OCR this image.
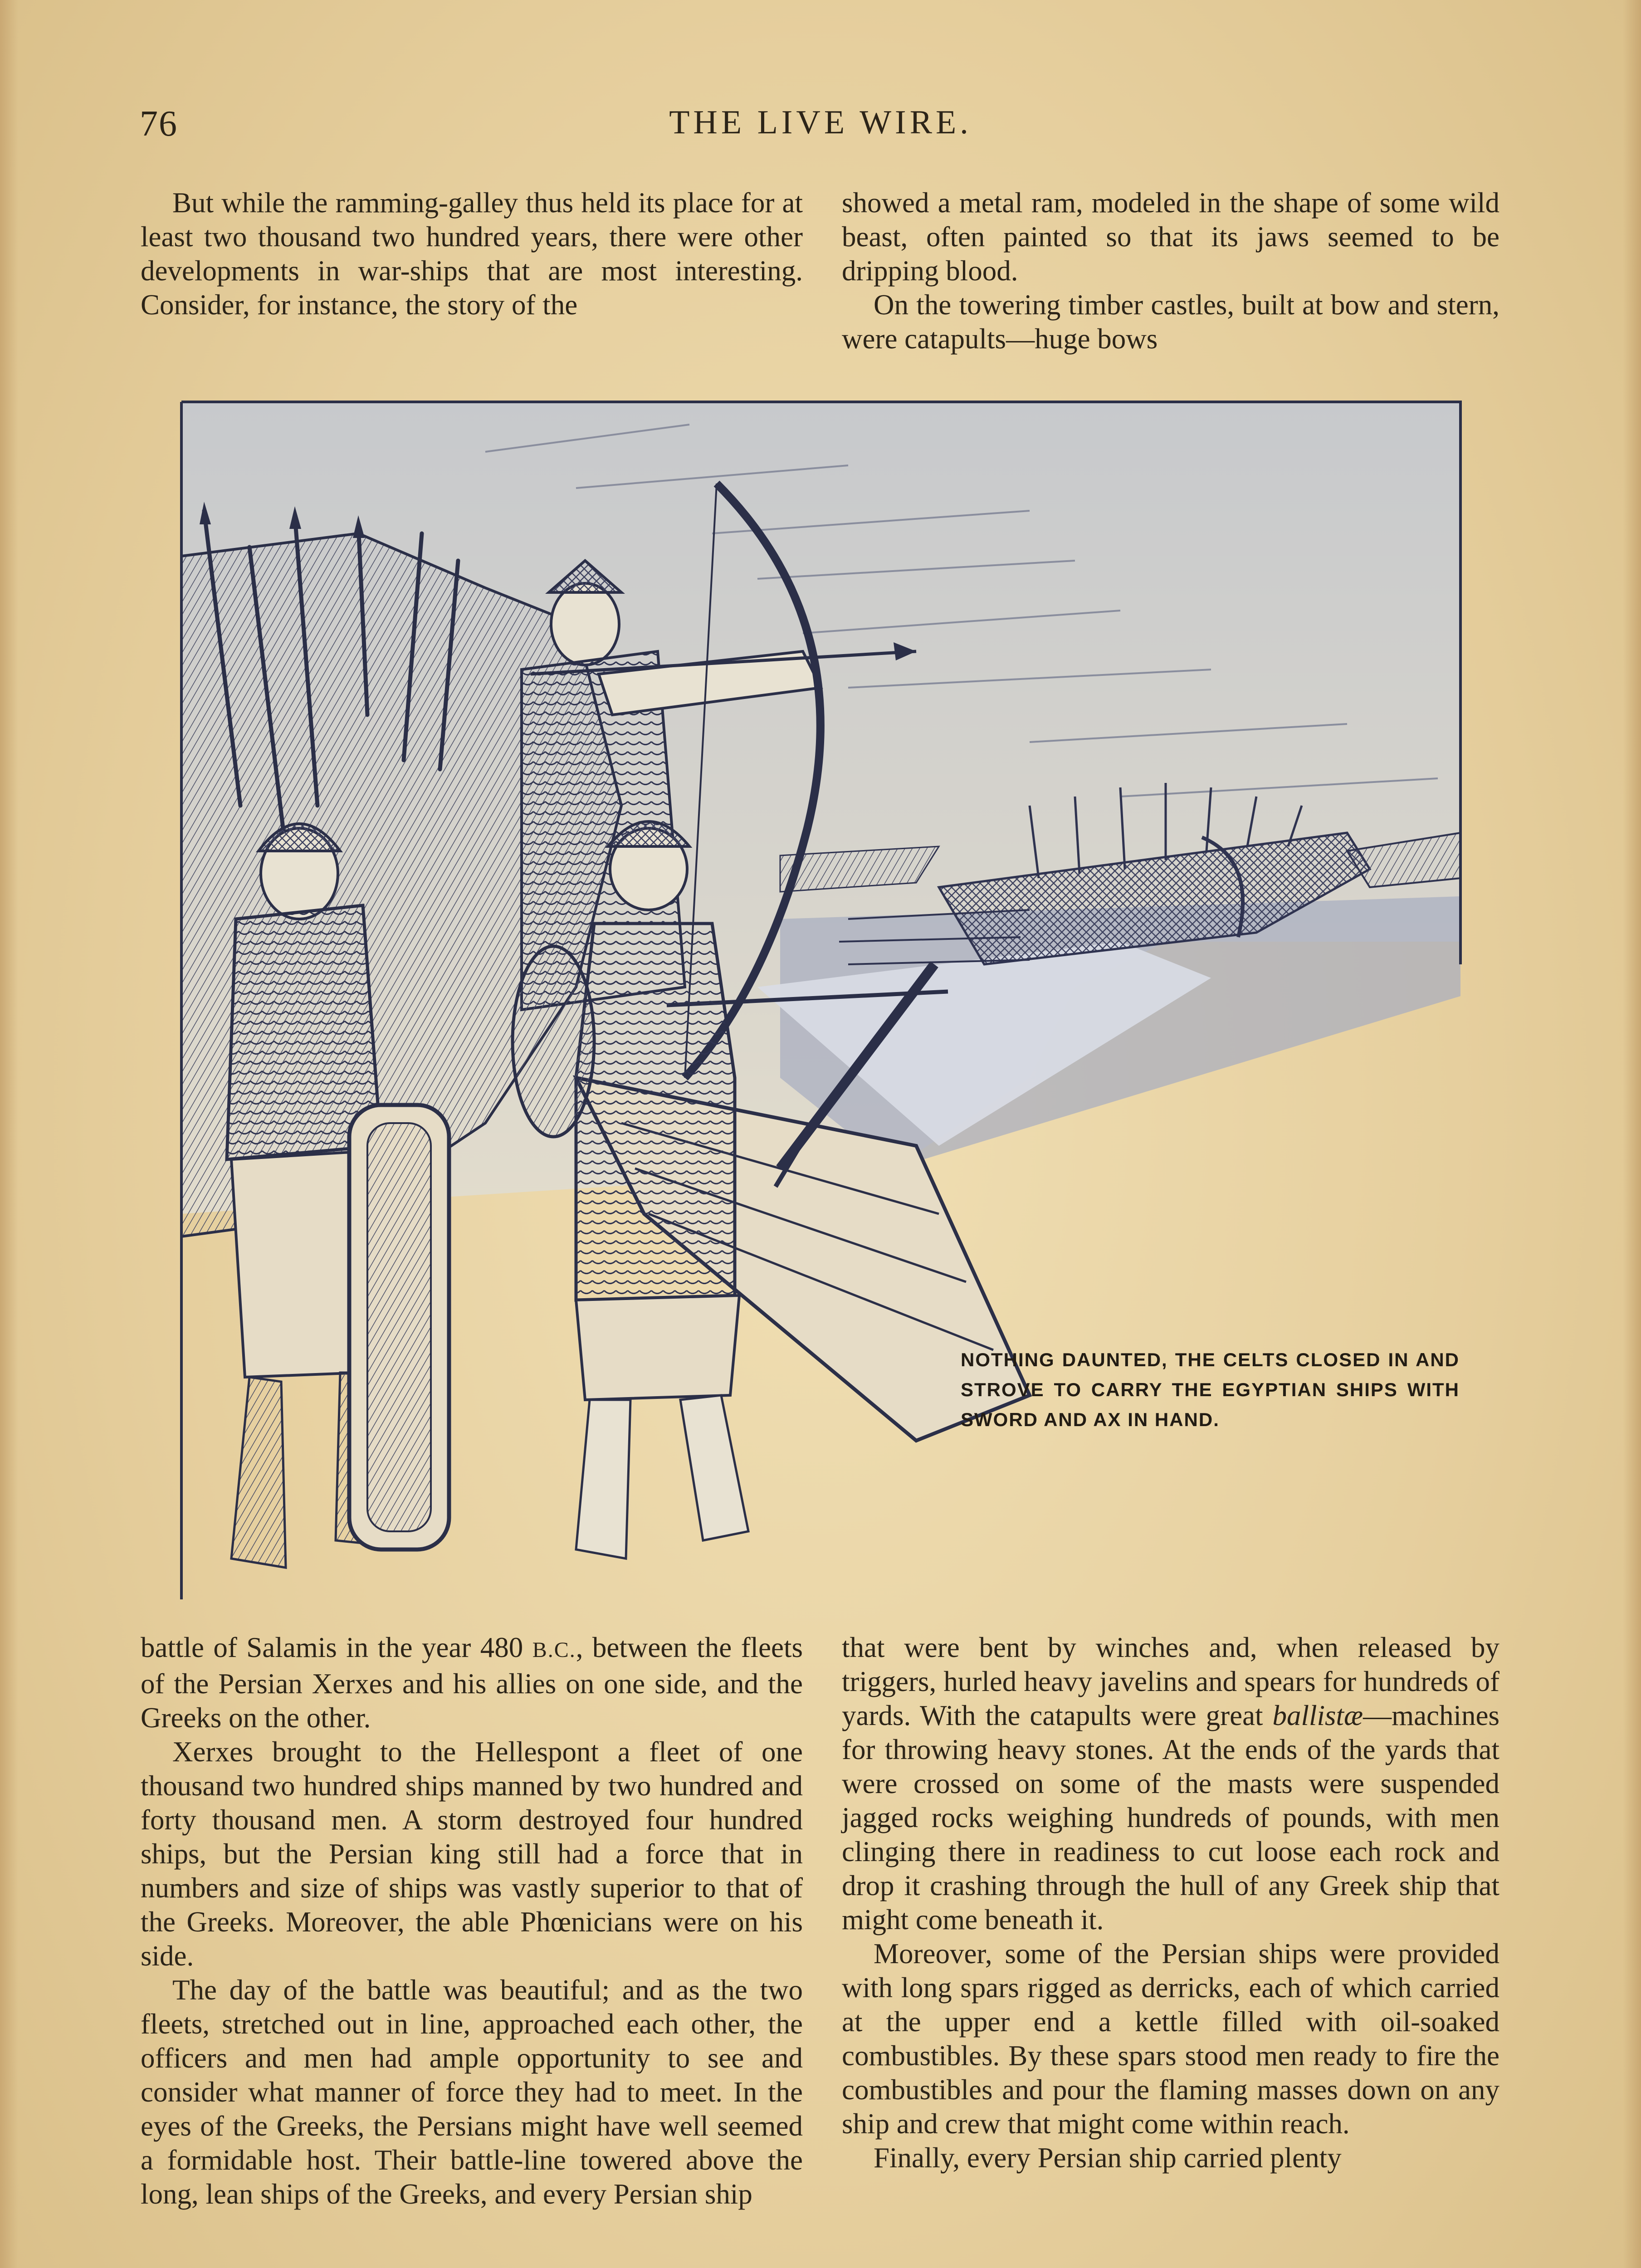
76	THE LIVE WIRE.

But while the ramming-galley thus held its place for at least two thousand two hundred years, there were other developments in war-ships that are most interesting. Consider, for instance, the story of the

showed a metal ram, modeled in the shape of some wild beast, often painted so that its jaws seemed to be dripping blood.

On the towering timber castles, built at bow and stern, were catapults—huge bows

NOTHING DAUNTED, THE CELTS CLOSED IN AND STROVE TO CARRY THE EGYPTIAN SHIPS WITH SWORD AND AX IN HAND.

battle of Salamis in the year 480 B.C., between the fleets of the Persian Xerxes and his allies on one side, and the Greeks on the other.

Xerxes brought to the Hellespont a fleet of one thousand two hundred ships manned by two hundred and forty thousand men. A storm destroyed four hundred ships, but the Persian king still had a force that in numbers and size of ships was vastly superior to that of the Greeks. Moreover, the able Phœnicians were on his side.

The day of the battle was beautiful; and as the two fleets, stretched out in line, approached each other, the officers and men had ample opportunity to see and consider what manner of force they had to meet. In the eyes of the Greeks, the Persians might have well seemed a formidable host. Their battle-line towered above the long, lean ships of the Greeks, and every Persian ship

that were bent by winches and, when released by triggers, hurled heavy javelins and spears for hundreds of yards. With the catapults were great ballistæ—machines for throwing heavy stones. At the ends of the yards that were crossed on some of the masts were suspended jagged rocks weighing hundreds of pounds, with men clinging there in readiness to cut loose each rock and drop it crashing through the hull of any Greek ship that might come beneath it.

Moreover, some of the Persian ships were provided with long spars rigged as derricks, each of which carried at the upper end a kettle filled with oil-soaked combustibles. By these spars stood men ready to fire the combustibles and pour the flaming masses down on any ship and crew that might come within reach.

Finally, every Persian ship carried plenty
